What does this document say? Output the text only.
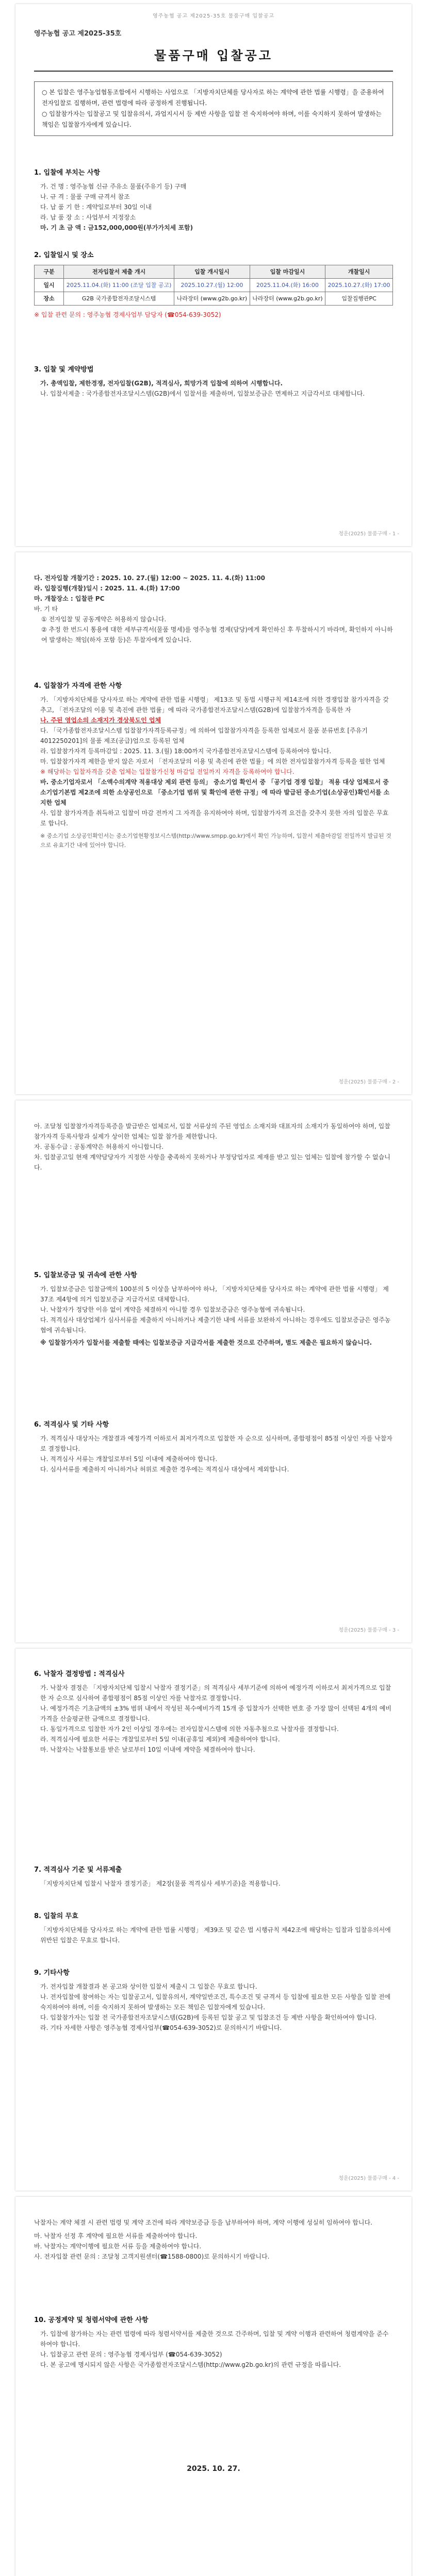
영주농협 공고 제2025-35호 물품구매 입찰공고
영주농협 공고 제2025-35호
물품구매 입찰공고

○ 본 입찰은 영주농업협동조합에서 시행하는 사업으로 「지방자치단체를 당사자로 하는 계약에 관한 법률 시행령」을 준용하여 전자입찰로 집행하며, 관련 법령에 따라 공정하게 진행됩니다.

○ 입찰참가자는 입찰공고 및 입찰유의서, 과업지시서 등 제반 사항을 입찰 전 숙지하여야 하며, 이를 숙지하지 못하여 발생하는 책임은 입찰참가자에게 있습니다.

1. 입찰에 부치는 사항

가. 건 명 : 영주농협 신규 주유소 물품(주유기 등) 구매

나. 규 격 : 물품 구매 규격서 참조

다. 납 품 기 한 : 계약일로부터 30일 이내

라. 납 품 장 소 : 사업부서 지정장소

마. 기 초 금 액 : 금152,000,000원(부가가치세 포함)

2. 입찰일시 및 장소
구분	전자입찰서 제출 개시	입찰 개시일시	입찰 마감일시	개찰일시
일시	2025.11.04.(화) 11:00 (조달 입찰 공고)	2025.10.27.(월) 12:00	2025.11.04.(화) 16:00	2025.10.27.(화) 17:00
장소	G2B 국가종합전자조달시스템	나라장터 (www.g2b.go.kr)	나라장터 (www.g2b.go.kr)	입찰집행관PC
※ 입찰 관련 문의 : 영주농협 경제사업부 담당자 (☎054-639-3052)
3. 입찰 및 계약방법

가. 총액입찰, 제한경쟁, 전자입찰(G2B), 적격심사, 희망가격 입찰에 의하여 시행합니다.

나. 입찰서제출 : 국가종합전자조달시스템(G2B)에서 입찰서를 제출하며, 입찰보증금은 면제하고 지급각서로 대체합니다.

청운(2025) 물품구매 - 1 -

다. 전자입찰 개찰기간 : 2025. 10. 27.(월) 12:00 ~ 2025. 11. 4.(화) 11:00

라. 입찰집행(개찰)일시 : 2025. 11. 4.(화) 17:00

마. 개찰장소 : 입찰관 PC

바. 기 타

① 전자입찰 및 공동계약은 허용하지 않습니다.

② 추정 한 번드시 통용에 대한 세부규격서(물품 명세)를 영주농협 경제(담당)에게 확인하신 후 투찰하시기 바라며, 확인하지 아니하여 발생하는 책임(하자 포함 등)은 투찰자에게 있습니다.

4. 입찰참가 자격에 관한 사항

가. 「지방자치단체를 당사자로 하는 계약에 관한 법률 시행령」 제13조 및 동법 시행규칙 제14조에 의한 경쟁입찰 참가자격을 갖추고, 「전자조달의 이용 및 촉진에 관한 법률」에 따라 국가종합전자조달시스템(G2B)에 입찰참가자격을 등록한 자

나. 주된 영업소의 소재지가 경상북도인 업체

다. 「국가종합전자조달시스템 입찰참가자격등록규정」에 의하여 입찰참가자격을 등록한 업체로서 물품 분류번호 [주유기 4012250201]의 물품 제조(공급)업으로 등록된 업체

라. 입찰참가자격 등록마감일 : 2025. 11. 3.(월) 18:00까지 국가종합전자조달시스템에 등록하여야 합니다.

마. 입찰참가자격 제한을 받지 않은 자로서 「전자조달의 이용 및 촉진에 관한 법률」에 의한 전자입찰참가자격 등록을 필한 업체

※ 해당하는 입찰자격을 갖춘 업체는 입찰참가신청 마감일 전일까지 자격을 등록하여야 합니다.

바. 중소기업자로서 「소액수의계약 적용대상 제외 관련 등의」 중소기업 확인서 중 「공기업 경쟁 입찰」 적용 대상 업체로서 중소기업기본법 제2조에 의한 소상공인으로 「중소기업 범위 및 확인에 관한 규정」에 따라 발급된 중소기업(소상공인)확인서를 소지한 업체

사. 입찰 참가자격을 취득하고 입찰이 마감 전까지 그 자격을 유지하여야 하며, 입찰참가자격 요건을 갖추지 못한 자의 입찰은 무효로 합니다.

※ 중소기업 소상공인확인서는 중소기업현황정보시스템(http://www.smpp.go.kr)에서 확인 가능하며, 입찰서 제출마감일 전일까지 발급된 것으로 유효기간 내에 있어야 합니다.

청운(2025) 물품구매 - 2 -

아. 조달청 입찰참가자격등록증을 발급받은 업체로서, 입찰 서류상의 주된 영업소 소재지와 대표자의 소재지가 동일하여야 하며, 입찰 참가자격 등록사항과 실제가 상이한 업체는 입찰 참가를 제한합니다.

자. 공동수급 : 공동계약은 허용하지 아니합니다.

차. 입찰공고일 현재 계약담당자가 지정한 사항을 충족하지 못하거나 부정당업자로 제재를 받고 있는 업체는 입찰에 참가할 수 없습니다.

5. 입찰보증금 및 귀속에 관한 사항

가. 입찰보증금은 입찰금액의 100분의 5 이상을 납부하여야 하나, 「지방자치단체를 당사자로 하는 계약에 관한 법률 시행령」 제37조 제4항에 의거 입찰보증금 지급각서로 대체합니다.

나. 낙찰자가 정당한 이유 없이 계약을 체결하지 아니할 경우 입찰보증금은 영주농협에 귀속됩니다.

다. 적격심사 대상업체가 심사서류를 제출하지 아니하거나 제출기한 내에 서류를 보완하지 아니하는 경우에도 입찰보증금은 영주농협에 귀속됩니다.

※ 입찰참가자가 입찰서를 제출할 때에는 입찰보증금 지급각서를 제출한 것으로 간주하며, 별도 제출은 필요하지 않습니다.

6. 적격심사 및 기타 사항

가. 적격심사 대상자는 개찰결과 예정가격 이하로서 최저가격으로 입찰한 자 순으로 심사하며, 종합평점이 85점 이상인 자를 낙찰자로 결정합니다.

나. 적격심사 서류는 개찰일로부터 5일 이내에 제출하여야 합니다.

다. 심사서류를 제출하지 아니하거나 허위로 제출한 경우에는 적격심사 대상에서 제외합니다.

청운(2025) 물품구매 - 3 -
6. 낙찰자 결정방법 : 적격심사

가. 낙찰자 결정은 「지방자치단체 입찰시 낙찰자 결정기준」의 적격심사 세부기준에 의하여 예정가격 이하로서 최저가격으로 입찰한 자 순으로 심사하여 종합평점이 85점 이상인 자를 낙찰자로 결정합니다.

나. 예정가격은 기초금액의 ±3% 범위 내에서 작성된 복수예비가격 15개 중 입찰자가 선택한 번호 중 가장 많이 선택된 4개의 예비가격을 산술평균한 금액으로 결정합니다.

다. 동일가격으로 입찰한 자가 2인 이상일 경우에는 전자입찰시스템에 의한 자동추첨으로 낙찰자를 결정합니다.

라. 적격심사에 필요한 서류는 개찰일로부터 5일 이내(공휴일 제외)에 제출하여야 합니다.

마. 낙찰자는 낙찰통보를 받은 날로부터 10일 이내에 계약을 체결하여야 합니다.

7. 적격심사 기준 및 서류제출

「지방자치단체 입찰시 낙찰자 결정기준」 제2장(물품 적격심사 세부기준)을 적용합니다.

8. 입찰의 무효

「지방자치단체를 당사자로 하는 계약에 관한 법률 시행령」 제39조 및 같은 법 시행규칙 제42조에 해당하는 입찰과 입찰유의서에 위반된 입찰은 무효로 합니다.

9. 기타사항

가. 전자입찰 개찰결과 본 공고와 상이한 입찰서 제출시 그 입찰은 무효로 합니다.

나. 전자입찰에 참여하는 자는 입찰공고서, 입찰유의서, 계약일반조건, 특수조건 및 규격서 등 입찰에 필요한 모든 사항을 입찰 전에 숙지하여야 하며, 이를 숙지하지 못하여 발생하는 모든 책임은 입찰자에게 있습니다.

다. 입찰참가자는 입찰 전 국가종합전자조달시스템(G2B)에 등록된 입찰 공고 및 입찰조건 등 제반 사항을 확인하여야 합니다.

라. 기타 자세한 사항은 영주농협 경제사업부(☎054-639-3052)로 문의하시기 바랍니다.

청운(2025) 물품구매 - 4 -

낙찰자는 계약 체결 시 관련 법령 및 계약 조건에 따라 계약보증금 등을 납부하여야 하며, 계약 이행에 성실히 임하여야 합니다.

마. 낙찰자 선정 후 계약에 필요한 서류를 제출하여야 합니다.

바. 낙찰자는 계약이행에 필요한 서류 등을 제출하여야 합니다.

사. 전자입찰 관련 문의 : 조달청 고객지원센터(☎1588-0800)로 문의하시기 바랍니다.

10. 공정계약 및 청렴서약에 관한 사항

가. 입찰에 참가하는 자는 관련 법령에 따라 청렴서약서를 제출한 것으로 간주하며, 입찰 및 계약 이행과 관련하여 청렴계약을 준수하여야 합니다.

나. 입찰공고 관련 문의 : 영주농협 경제사업부 (☎054-639-3052)

다. 본 공고에 명시되지 않은 사항은 국가종합전자조달시스템(http://www.g2b.go.kr)의 관련 규정을 따릅니다.

2025. 10. 27.
